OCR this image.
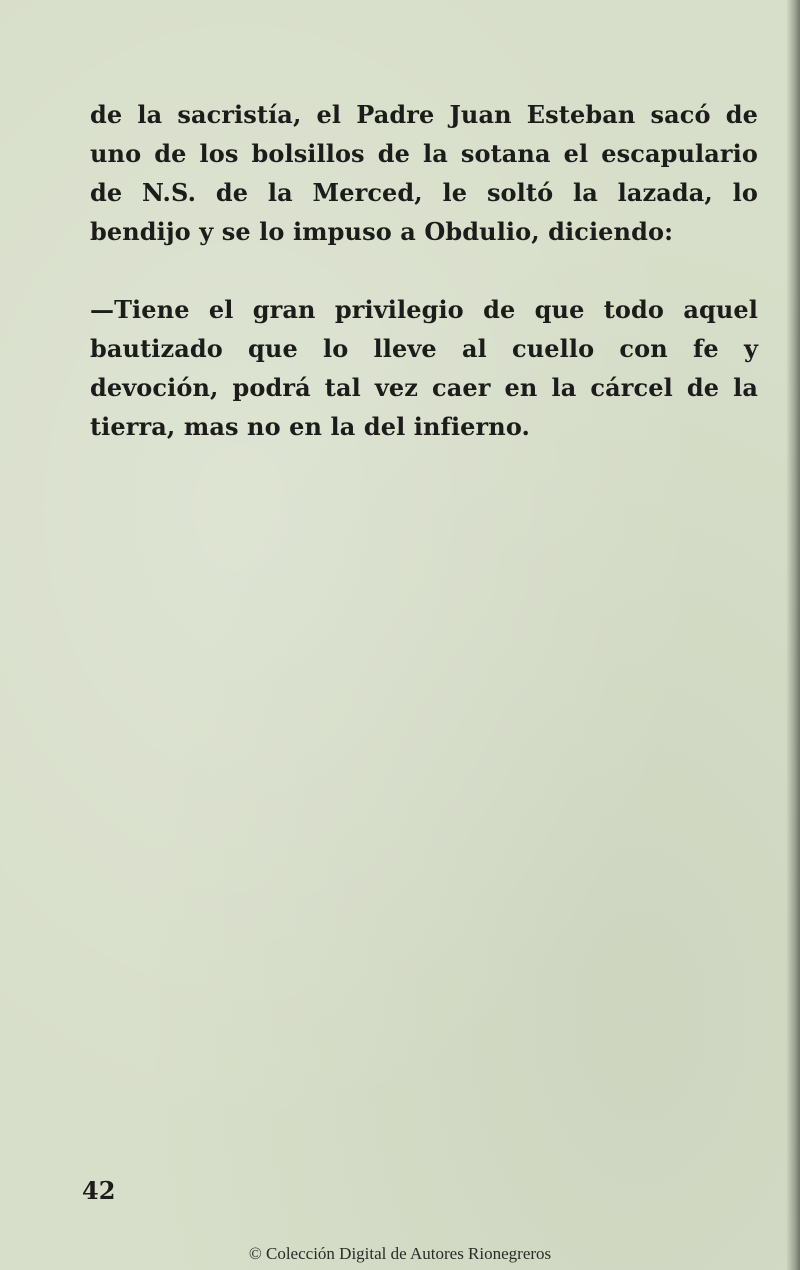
de la sacristía, el Padre Juan Esteban sacó de uno de los bolsillos de la sotana el escapulario de N.S. de la Merced, le soltó la lazada, lo bendijo y se lo impuso a Obdulio, diciendo:

—Tiene el gran privilegio de que todo aquel bautizado que lo lleve al cuello con fe y devoción, podrá tal vez caer en la cárcel de la tierra, mas no en la del infierno.

42
© Colección Digital de Autores Rionegreros
